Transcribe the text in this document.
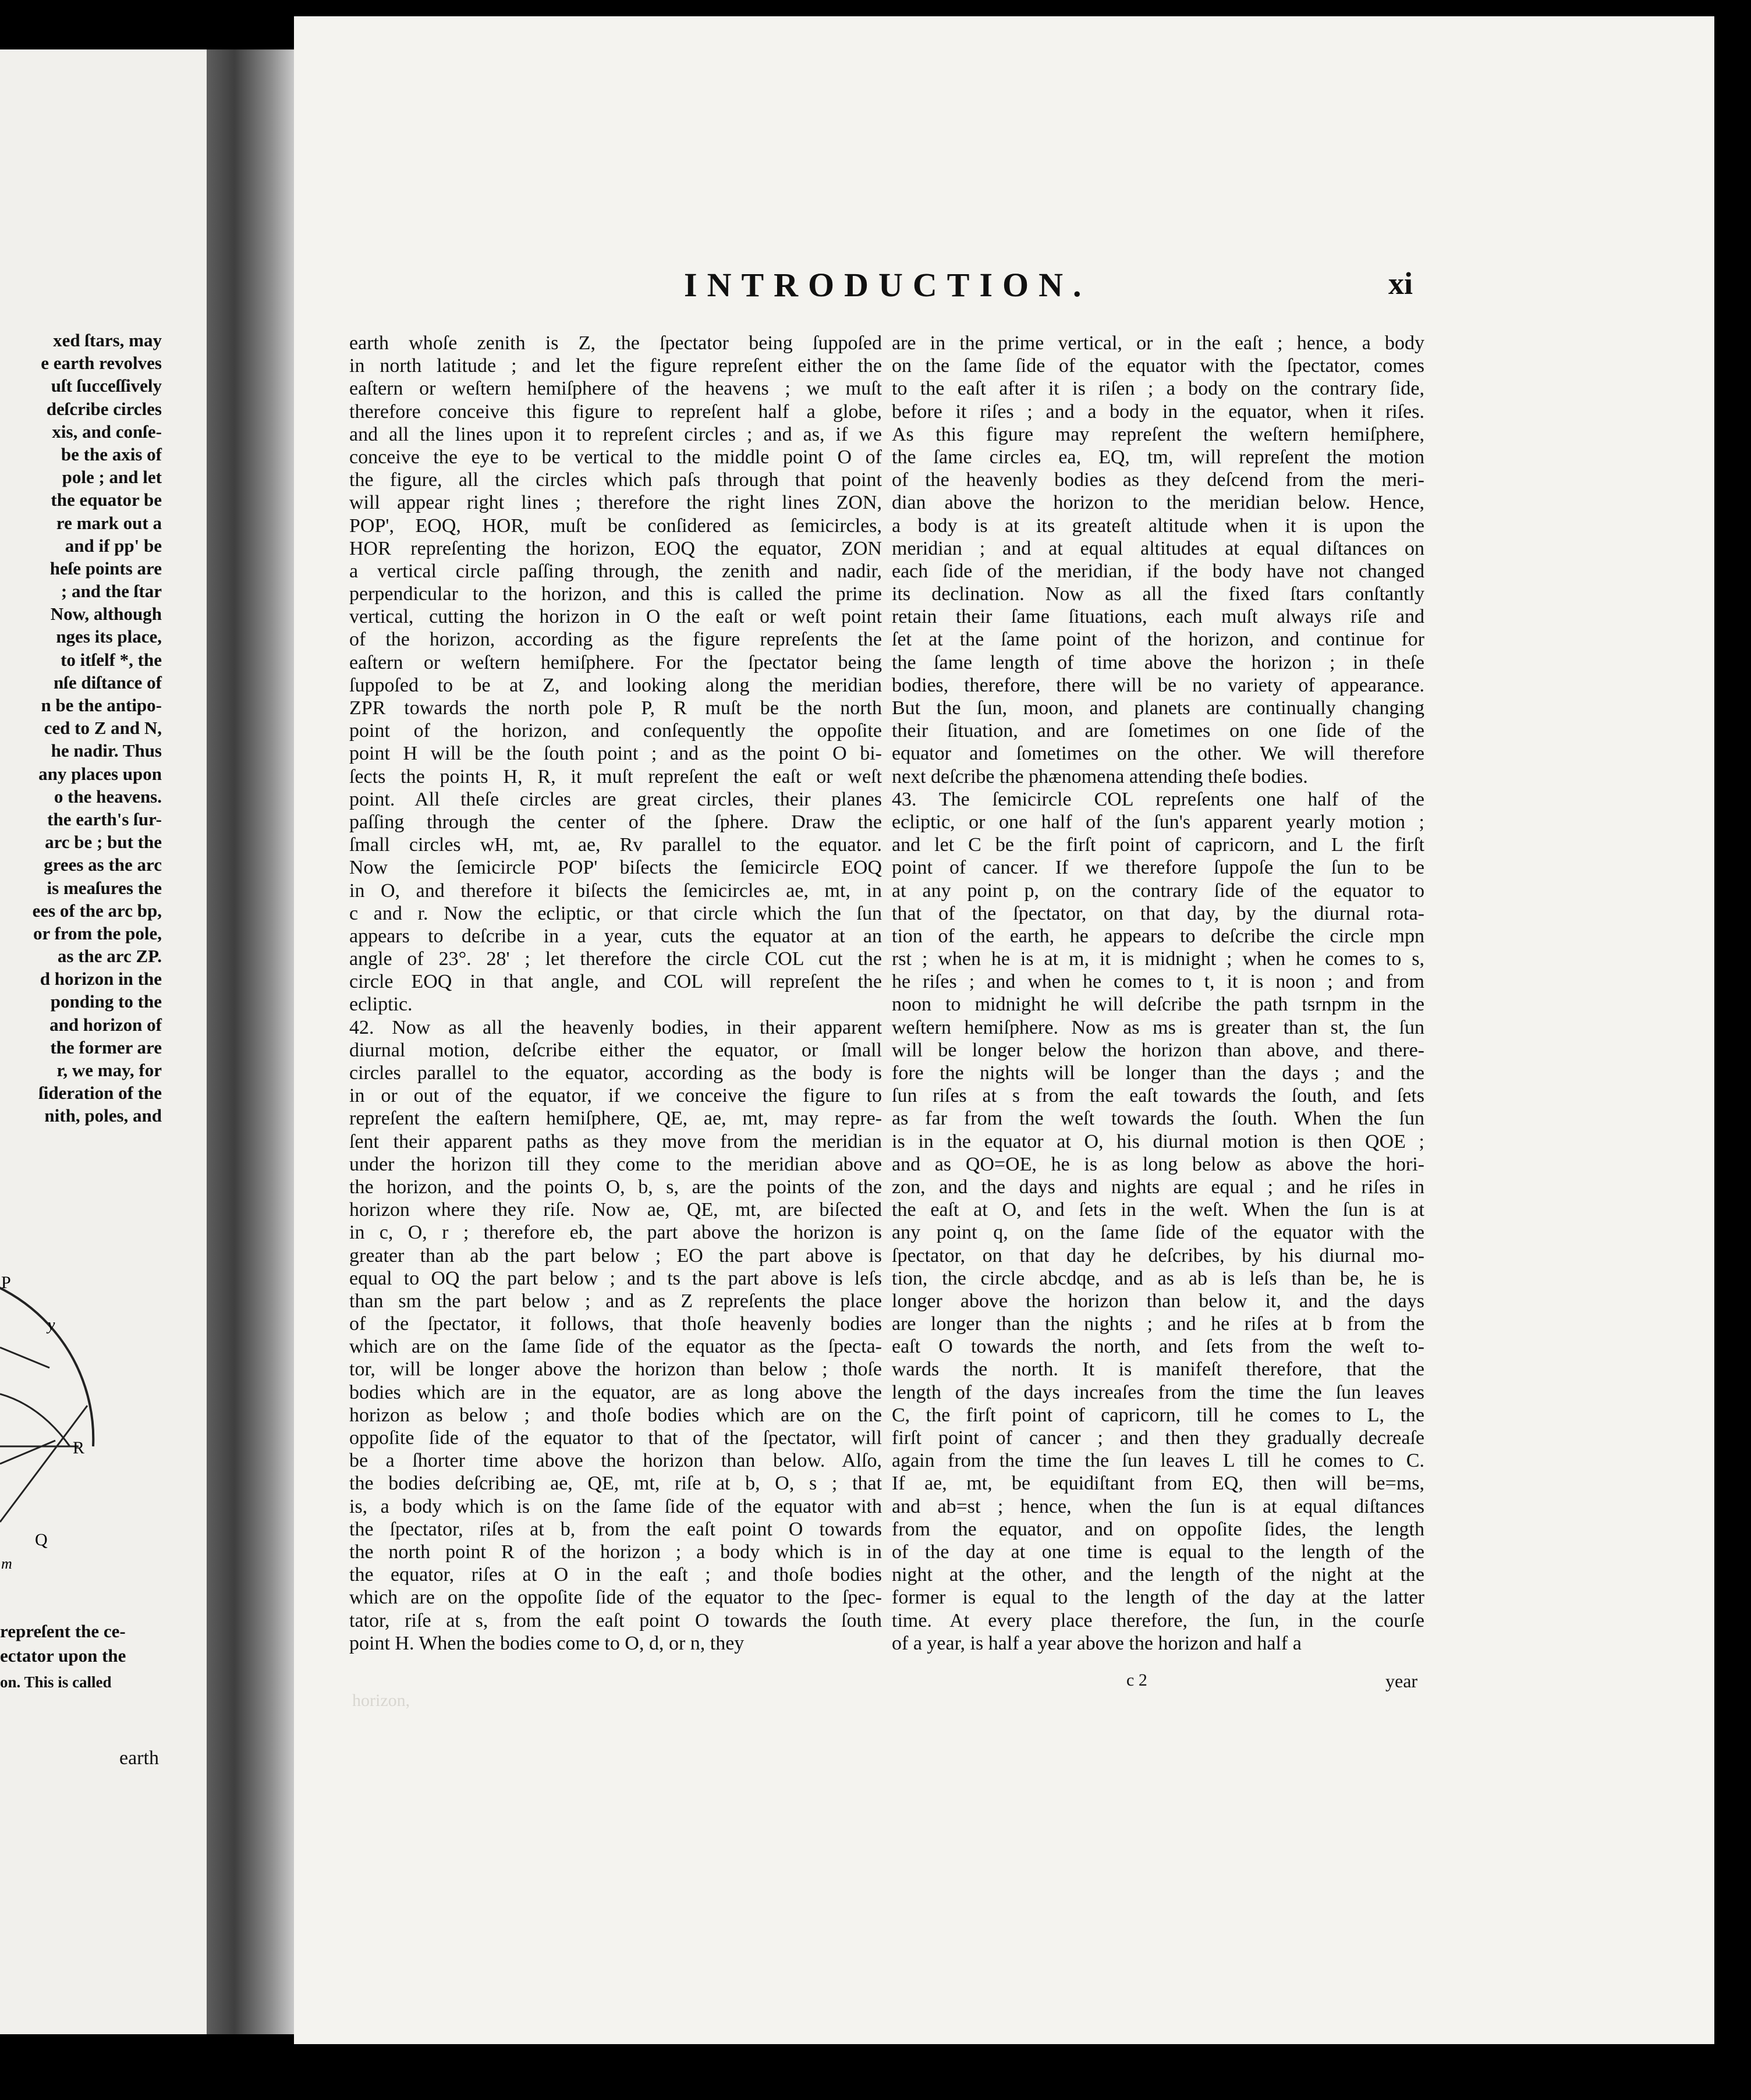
xed ſtars, may
e earth revolves
uſt ſucceſſively
deſcribe circles
xis, and conſe-
be the axis of
pole ; and let
the equator be
re mark out a
and if pp' be
heſe points are
; and the ſtar
Now, although
nges its place,
to itſelf *, the
nſe diſtance of
n be the antipo-
ced to Z and N,
he nadir. Thus
any places upon
o the heavens.
the earth's ſur-
arc be ; but the
grees as the arc
is meaſures the
ees of the arc bp,
or from the pole,
as the arc ZP.
d horizon in the
ponding to the
and horizon of
the former are
r, we may, for
ſideration of the
nith, poles, and
P
y
R
Q
m
repreſent the ce-
ectator upon the
on. This is called
earth
INTRODUCTION.	xi
earth whoſe zenith is Z, the ſpectator being ſuppoſed
in north latitude ; and let the figure repreſent either the
eaſtern or weſtern hemiſphere of the heavens ; we muſt
therefore conceive this figure to repreſent half a globe,
and all the lines upon it to repreſent circles ; and as, if we
conceive the eye to be vertical to the middle point O of
the figure, all the circles which paſs through that point
will appear right lines ; therefore the right lines ZON,
POP', EOQ, HOR, muſt be conſidered as ſemicircles,
HOR repreſenting the horizon, EOQ the equator, ZON
a vertical circle paſſing through, the zenith and nadir,
perpendicular to the horizon, and this is called the prime
vertical, cutting the horizon in O the eaſt or weſt point
of the horizon, according as the figure repreſents the
eaſtern or weſtern hemiſphere. For the ſpectator being
ſuppoſed to be at Z, and looking along the meridian
ZPR towards the north pole P, R muſt be the north
point of the horizon, and conſequently the oppoſite
point H will be the ſouth point ; and as the point O bi-
ſects the points H, R, it muſt repreſent the eaſt or weſt
point. All theſe circles are great circles, their planes
paſſing through the center of the ſphere. Draw the
ſmall circles wH, mt, ae, Rv parallel to the equator.
Now the ſemicircle POP' biſects the ſemicircle EOQ
in O, and therefore it biſects the ſemicircles ae, mt, in
c and r. Now the ecliptic, or that circle which the ſun
appears to deſcribe in a year, cuts the equator at an
angle of 23°. 28' ; let therefore the circle COL cut the
circle EOQ in that angle, and COL will repreſent the
ecliptic.
42. Now as all the heavenly bodies, in their apparent
diurnal motion, deſcribe either the equator, or ſmall
circles parallel to the equator, according as the body is
in or out of the equator, if we conceive the figure to
repreſent the eaſtern hemiſphere, QE, ae, mt, may repre-
ſent their apparent paths as they move from the meridian
under the horizon till they come to the meridian above
the horizon, and the points O, b, s, are the points of the
horizon where they riſe. Now ae, QE, mt, are biſected
in c, O, r ; therefore eb, the part above the horizon is
greater than ab the part below ; EO the part above is
equal to OQ the part below ; and ts the part above is leſs
than sm the part below ; and as Z repreſents the place
of the ſpectator, it follows, that thoſe heavenly bodies
which are on the ſame ſide of the equator as the ſpecta-
tor, will be longer above the horizon than below ; thoſe
bodies which are in the equator, are as long above the
horizon as below ; and thoſe bodies which are on the
oppoſite ſide of the equator to that of the ſpectator, will
be a ſhorter time above the horizon than below. Alſo,
the bodies deſcribing ae, QE, mt, riſe at b, O, s ; that
is, a body which is on the ſame ſide of the equator with
the ſpectator, riſes at b, from the eaſt point O towards
the north point R of the horizon ; a body which is in
the equator, riſes at O in the eaſt ; and thoſe bodies
which are on the oppoſite ſide of the equator to the ſpec-
tator, riſe at s, from the eaſt point O towards the ſouth
point H. When the bodies come to O, d, or n, they
are in the prime vertical, or in the eaſt ; hence, a body
on the ſame ſide of the equator with the ſpectator, comes
to the eaſt after it is riſen ; a body on the contrary ſide,
before it riſes ; and a body in the equator, when it riſes.
As this figure may repreſent the weſtern hemiſphere,
the ſame circles ea, EQ, tm, will repreſent the motion
of the heavenly bodies as they deſcend from the meri-
dian above the horizon to the meridian below. Hence,
a body is at its greateſt altitude when it is upon the
meridian ; and at equal altitudes at equal diſtances on
each ſide of the meridian, if the body have not changed
its declination. Now as all the fixed ſtars conſtantly
retain their ſame ſituations, each muſt always riſe and
ſet at the ſame point of the horizon, and continue for
the ſame length of time above the horizon ; in theſe
bodies, therefore, there will be no variety of appearance.
But the ſun, moon, and planets are continually changing
their ſituation, and are ſometimes on one ſide of the
equator and ſometimes on the other. We will therefore
next deſcribe the phænomena attending theſe bodies.
43. The ſemicircle COL repreſents one half of the
ecliptic, or one half of the ſun's apparent yearly motion ;
and let C be the firſt point of capricorn, and L the firſt
point of cancer. If we therefore ſuppoſe the ſun to be
at any point p, on the contrary ſide of the equator to
that of the ſpectator, on that day, by the diurnal rota-
tion of the earth, he appears to deſcribe the circle mpn
rst ; when he is at m, it is midnight ; when he comes to s,
he riſes ; and when he comes to t, it is noon ; and from
noon to midnight he will deſcribe the path tsrnpm in the
weſtern hemiſphere. Now as ms is greater than st, the ſun
will be longer below the horizon than above, and there-
fore the nights will be longer than the days ; and the
ſun riſes at s from the eaſt towards the ſouth, and ſets
as far from the weſt towards the ſouth. When the ſun
is in the equator at O, his diurnal motion is then QOE ;
and as QO=OE, he is as long below as above the hori-
zon, and the days and nights are equal ; and he riſes in
the eaſt at O, and ſets in the weſt. When the ſun is at
any point q, on the ſame ſide of the equator with the
ſpectator, on that day he deſcribes, by his diurnal mo-
tion, the circle abcdqe, and as ab is leſs than be, he is
longer above the horizon than below it, and the days
are longer than the nights ; and he riſes at b from the
eaſt O towards the north, and ſets from the weſt to-
wards the north. It is manifeſt therefore, that the
length of the days increaſes from the time the ſun leaves
C, the firſt point of capricorn, till he comes to L, the
firſt point of cancer ; and then they gradually decreaſe
again from the time the ſun leaves L till he comes to C.
If ae, mt, be equidiſtant from EQ, then will be=ms,
and ab=st ; hence, when the ſun is at equal diſtances
from the equator, and on oppoſite ſides, the length
of the day at one time is equal to the length of the
night at the other, and the length of the night at the
former is equal to the length of the day at the latter
time. At every place therefore, the ſun, in the courſe
of a year, is half a year above the horizon and half a
horizon,
c 2	year
